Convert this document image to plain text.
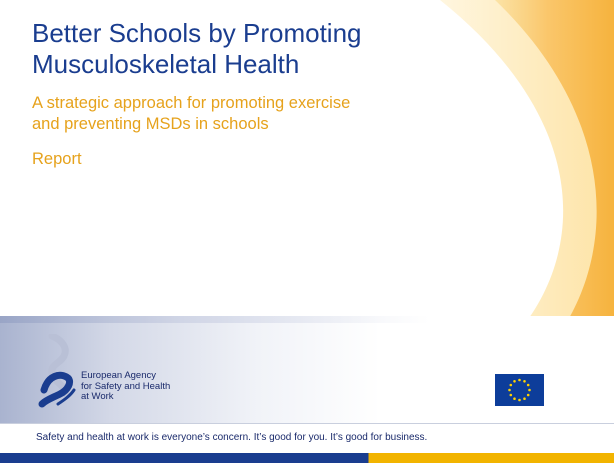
Better Schools by Promoting
Musculoskeletal Health

A strategic approach for promoting exercise
and preventing MSDs in schools

Report

European Agency
for Safety and Health
at Work

Safety and health at work is everyone’s concern. It’s good for you. It’s good for business.
